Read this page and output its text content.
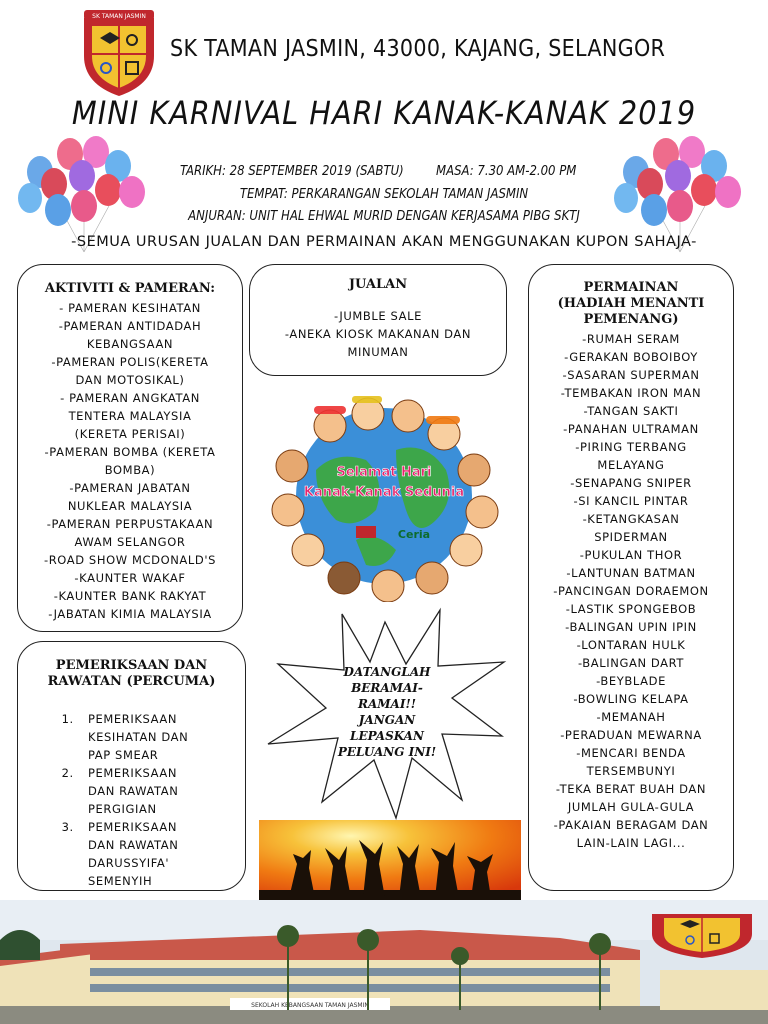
SK TAMAN JASMIN
SK TAMAN JASMIN, 43000, KAJANG, SELANGOR
MINI KARNIVAL HARI KANAK-KANAK 2019
TARIKH: 28 SEPTEMBER 2019 (SABTU) MASA: 7.30 AM-2.00 PM
TEMPAT: PERKARANGAN SEKOLAH TAMAN JASMIN
ANJURAN: UNIT HAL EHWAL MURID DENGAN KERJASAMA PIBG SKTJ
-SEMUA URUSAN JUALAN DAN PERMAINAN AKAN MENGGUNAKAN KUPON SAHAJA-
AKTIVITI & PAMERAN:
- PAMERAN KESIHATAN
-PAMERAN ANTIDADAH
KEBANGSAAN
-PAMERAN POLIS(KERETA
DAN MOTOSIKAL)
- PAMERAN ANGKATAN
TENTERA MALAYSIA
(KERETA PERISAI)
-PAMERAN BOMBA (KERETA
BOMBA)
-PAMERAN JABATAN
NUKLEAR MALAYSIA
-PAMERAN PERPUSTAKAAN
AWAM SELANGOR
-ROAD SHOW MCDONALD'S
-KAUNTER WAKAF
-KAUNTER BANK RAKYAT
-JABATAN KIMIA MALAYSIA
JUALAN
-JUMBLE SALE
-ANEKA KIOSK MAKANAN DAN
MINUMAN
PERMAINAN
(HADIAH MENANTI
PEMENANG)
-RUMAH SERAM
-GERAKAN BOBOIBOY
-SASARAN SUPERMAN
-TEMBAKAN IRON MAN
-TANGAN SAKTI
-PANAHAN ULTRAMAN
-PIRING TERBANG
MELAYANG
-SENAPANG SNIPER
-SI KANCIL PINTAR
-KETANGKASAN
SPIDERMAN
-PUKULAN THOR
-LANTUNAN BATMAN
-PANCINGAN DORAEMON
-LASTIK SPONGEBOB
-BALINGAN UPIN IPIN
-LONTARAN HULK
-BALINGAN DART
-BEYBLADE
-BOWLING KELAPA
-MEMANAH
-PERADUAN MEWARNA
-MENCARI BENDA
TERSEMBUNYI
-TEKA BERAT BUAH DAN
JUMLAH GULA-GULA
-PAKAIAN BERAGAM DAN
LAIN-LAIN LAGI...
Selamat Hari
Kanak-Kanak Sedunia
Ceria
PEMERIKSAAN DAN
RAWATAN (PERCUMA)
1. PEMERIKSAAN KESIHATAN DAN PAP SMEAR
2. PEMERIKSAAN DAN RAWATAN PERGIGIAN
3. PEMERIKSAAN DAN RAWATAN DARUSSYIFA' SEMENYIH
DATANGLAH
BERAMAI-
RAMAI!!
JANGAN
LEPASKAN
PELUANG INI!
SEKOLAH KEBANGSAAN TAMAN JASMIN
